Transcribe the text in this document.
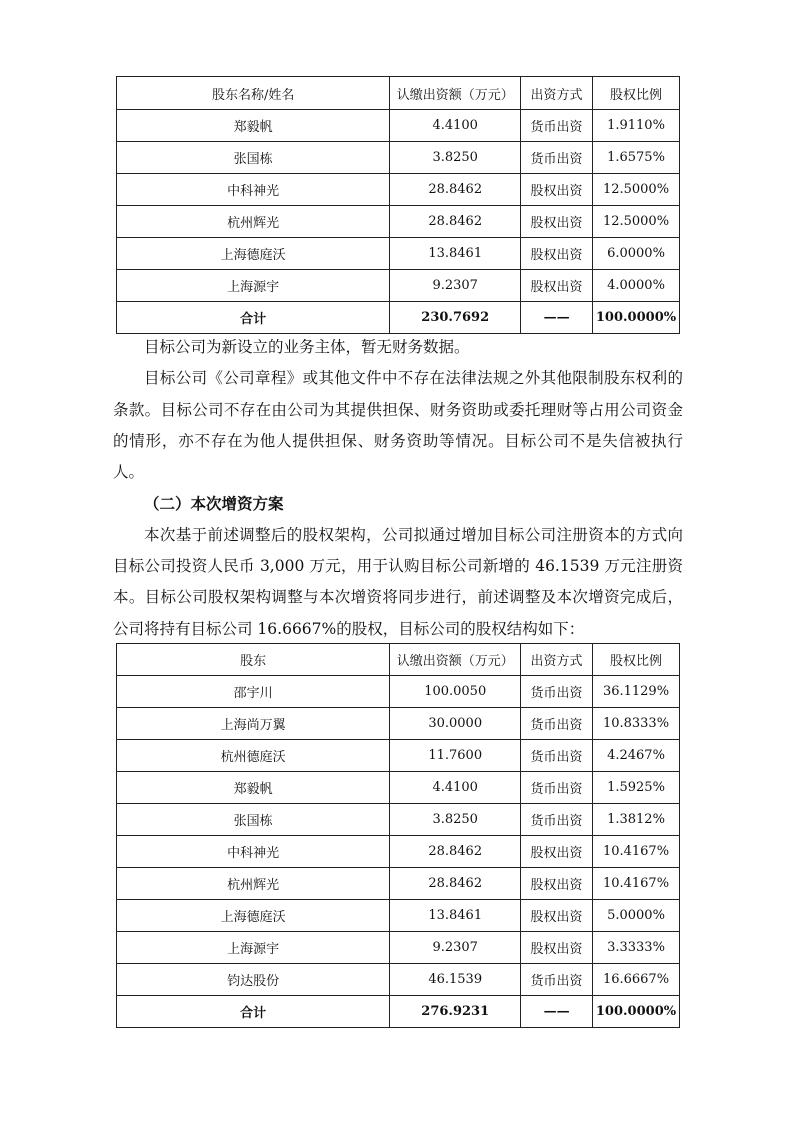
股东名称/姓名	认缴出资额（万元）	出资方式	股权比例
郑毅帆	4.4100	货币出资	1.9110%
张国栋	3.8250	货币出资	1.6575%
中科神光	28.8462	股权出资	12.5000%
杭州辉光	28.8462	股权出资	12.5000%
上海德庭沃	13.8461	股权出资	6.0000%
上海源宇	9.2307	股权出资	4.0000%
合计	230.7692	——	100.0000%

目标公司为新设立的业务主体，暂无财务数据。

目标公司《公司章程》或其他文件中不存在法律法规之外其他限制股东权利的条款。目标公司不存在由公司为其提供担保、财务资助或委托理财等占用公司资金的情形，亦不存在为他人提供担保、财务资助等情况。目标公司不是失信被执行人。

（二）本次增资方案

本次基于前述调整后的股权架构，公司拟通过增加目标公司注册资本的方式向目标公司投资人民币 3,000 万元，用于认购目标公司新增的 46.1539 万元注册资本。目标公司股权架构调整与本次增资将同步进行，前述调整及本次增资完成后，公司将持有目标公司 16.6667%的股权，目标公司的股权结构如下：

股东	认缴出资额（万元）	出资方式	股权比例
邵宇川	100.0050	货币出资	36.1129%
上海尚万翼	30.0000	货币出资	10.8333%
杭州德庭沃	11.7600	货币出资	4.2467%
郑毅帆	4.4100	货币出资	1.5925%
张国栋	3.8250	货币出资	1.3812%
中科神光	28.8462	股权出资	10.4167%
杭州辉光	28.8462	股权出资	10.4167%
上海德庭沃	13.8461	股权出资	5.0000%
上海源宇	9.2307	股权出资	3.3333%
钧达股份	46.1539	货币出资	16.6667%
合计	276.9231	——	100.0000%
